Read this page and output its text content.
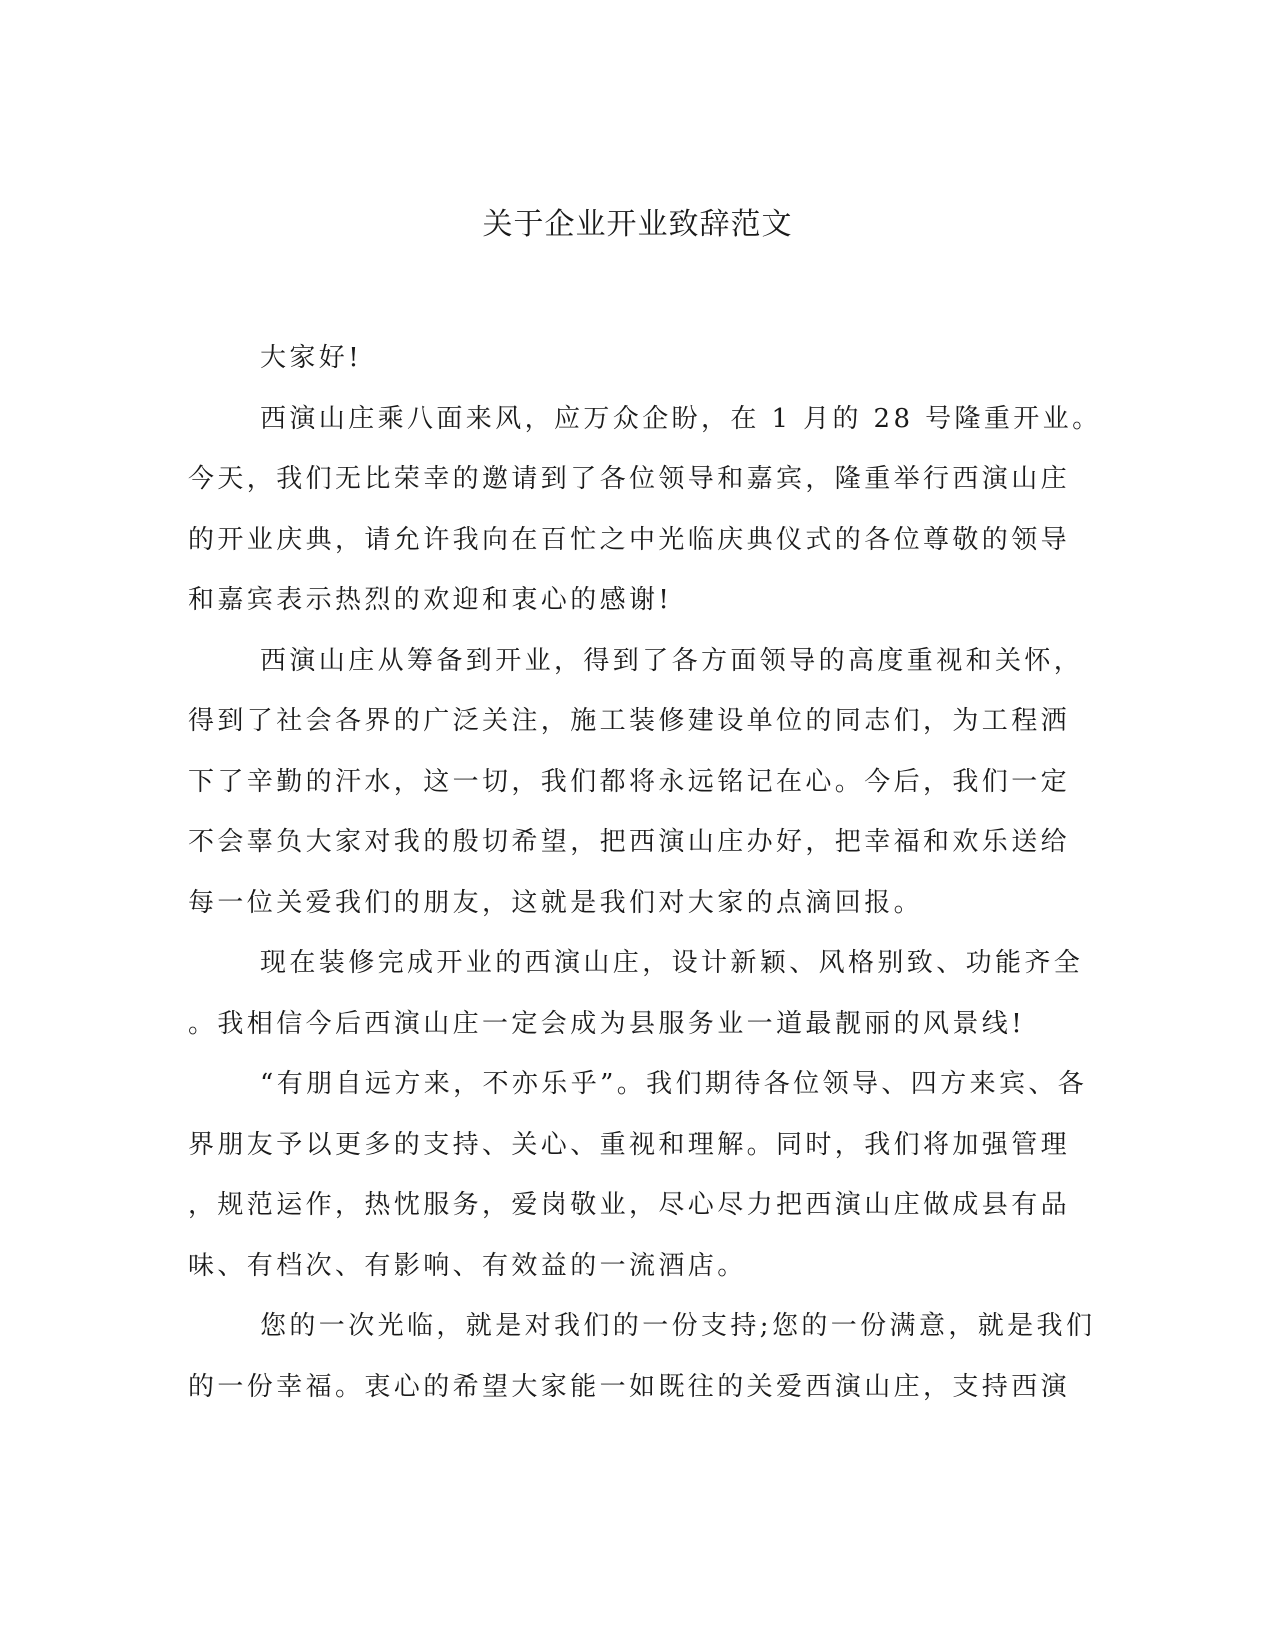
关于企业开业致辞范文
大家好!
西演山庄乘八面来风，应万众企盼，在 1 月的 28 号隆重开业。
今天，我们无比荣幸的邀请到了各位领导和嘉宾，隆重举行西演山庄
的开业庆典，请允许我向在百忙之中光临庆典仪式的各位尊敬的领导
和嘉宾表示热烈的欢迎和衷心的感谢!
西演山庄从筹备到开业，得到了各方面领导的高度重视和关怀，
得到了社会各界的广泛关注，施工装修建设单位的同志们，为工程洒
下了辛勤的汗水，这一切，我们都将永远铭记在心。今后，我们一定
不会辜负大家对我的殷切希望，把西演山庄办好，把幸福和欢乐送给
每一位关爱我们的朋友，这就是我们对大家的点滴回报。
现在装修完成开业的西演山庄，设计新颖、风格别致、功能齐全
。我相信今后西演山庄一定会成为县服务业一道最靓丽的风景线!
“有朋自远方来，不亦乐乎”。我们期待各位领导、四方来宾、各
界朋友予以更多的支持、关心、重视和理解。同时，我们将加强管理
，规范运作，热忱服务，爱岗敬业，尽心尽力把西演山庄做成县有品
味、有档次、有影响、有效益的一流酒店。
您的一次光临，就是对我们的一份支持;您的一份满意，就是我们
的一份幸福。衷心的希望大家能一如既往的关爱西演山庄，支持西演
